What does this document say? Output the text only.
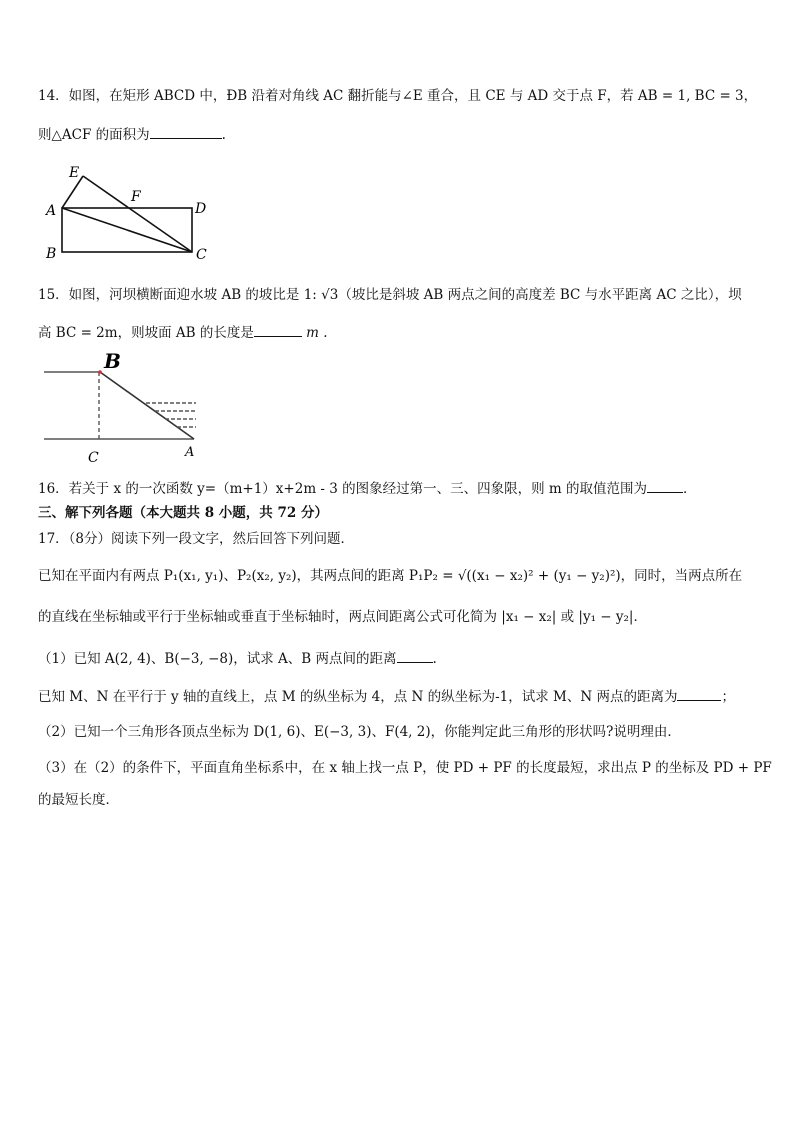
14．如图，在矩形 ABCD 中，ÐB 沿着对角线 AC 翻折能与∠E 重合，且 CE 与 AD 交于点 F，若 AB = 1, BC = 3，
则△ACF 的面积为	.
E
F
A	D
B	C
15．如图，河坝横断面迎水坡 AB 的坡比是 1: √3（坡比是斜坡 AB 两点之间的高度差 BC 与水平距离 AC 之比），坝
高 BC = 2m，则坡面 AB 的长度是	m .
B
C	A
16．若关于 x 的一次函数 y=（m+1）x+2m - 3 的图象经过第一、三、四象限，则 m 的取值范围为	．
三、解下列各题（本大题共 8 小题，共 72 分）
17．（8分）阅读下列一段文字，然后回答下列问题．
已知在平面内有两点 P₁(x₁, y₁)、P₂(x₂, y₂)，其两点间的距离 P₁P₂ = √((x₁ − x₂)² + (y₁ − y₂)²)，同时，当两点所在
的直线在坐标轴或平行于坐标轴或垂直于坐标轴时，两点间距离公式可化简为 |x₁ − x₂| 或 |y₁ − y₂|．
（1）已知 A(2, 4)、B(−3, −8)，试求 A、B 两点间的距离	.
已知 M、N 在平行于 y 轴的直线上，点 M 的纵坐标为 4，点 N 的纵坐标为-1，试求 M、N 两点的距离为	；
（2）已知一个三角形各顶点坐标为 D(1, 6)、E(−3, 3)、F(4, 2)，你能判定此三角形的形状吗?说明理由．
（3）在（2）的条件下，平面直角坐标系中，在 x 轴上找一点 P，使 PD + PF 的长度最短，求出点 P 的坐标及 PD + PF
的最短长度．
